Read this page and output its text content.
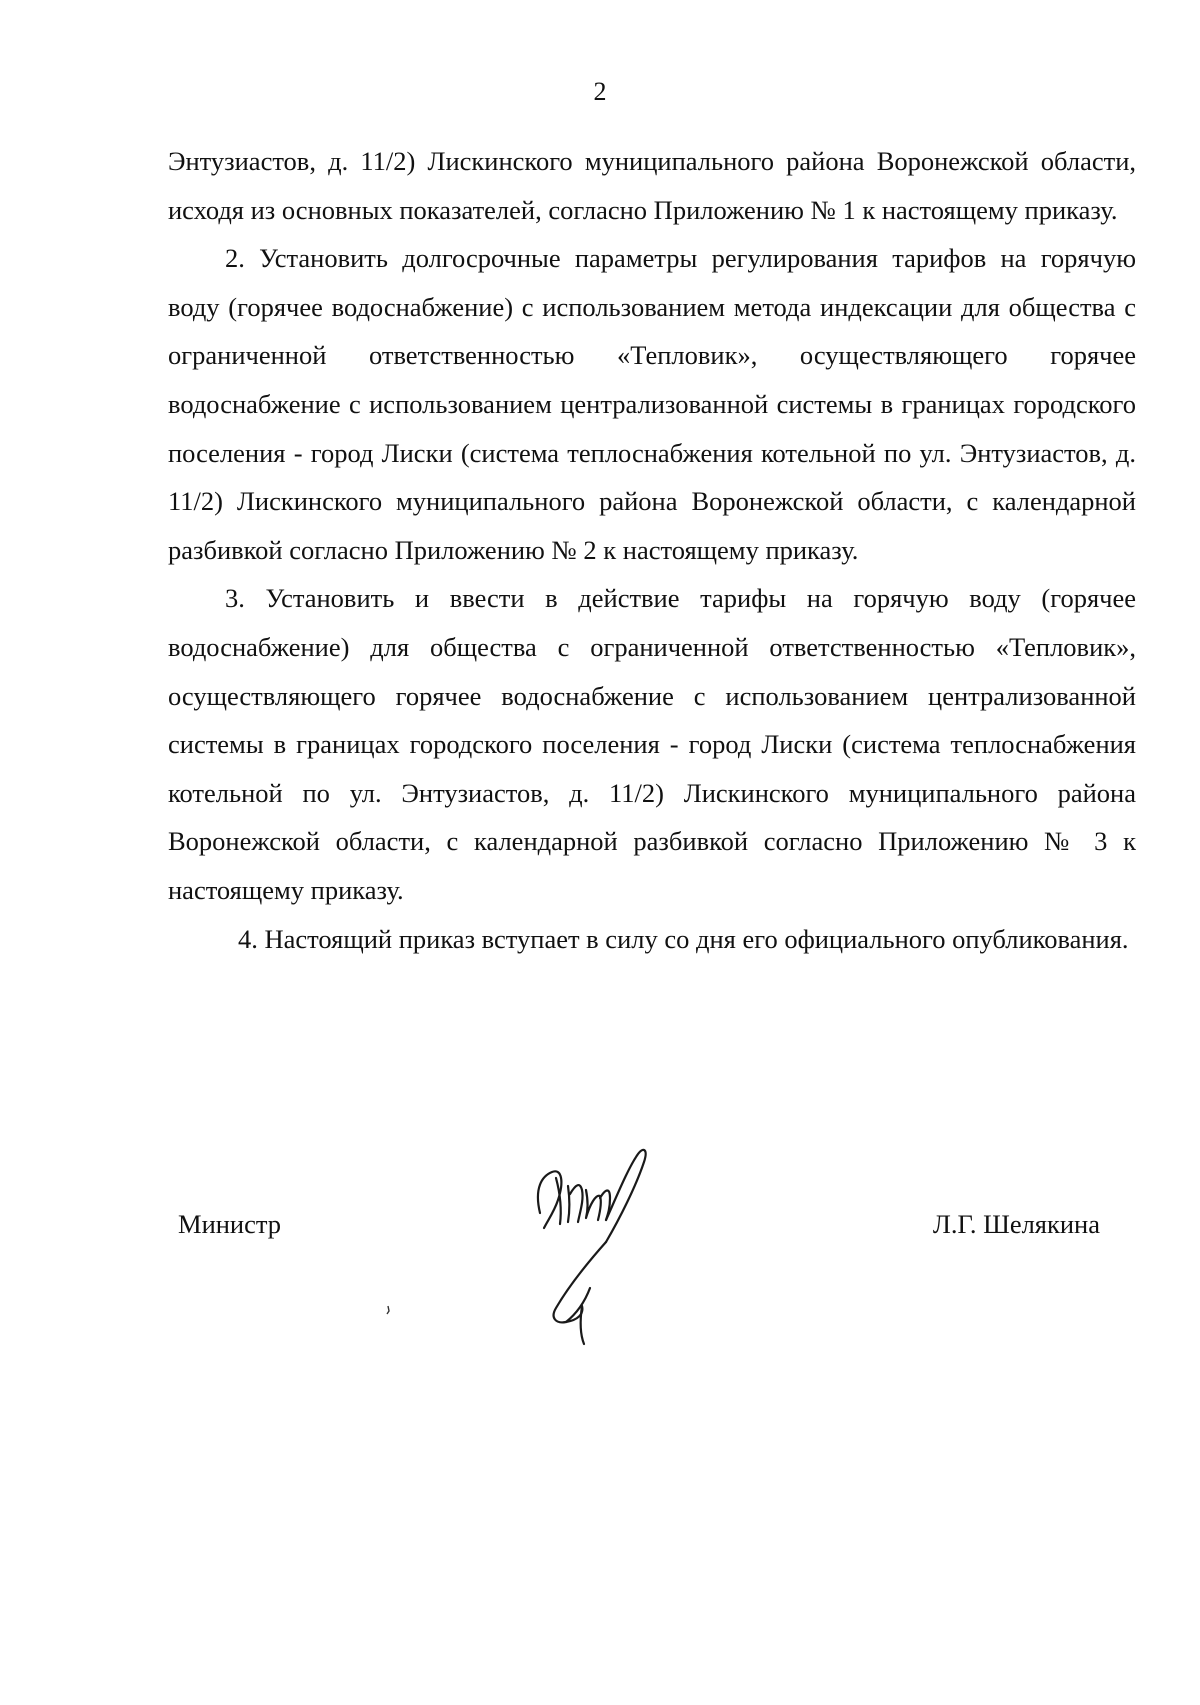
2

Энтузиастов, д. 11/2) Лискинского муниципального района Воронежской области, исходя из основных показателей, согласно Приложению № 1 к настоящему приказу.

2. Установить долгосрочные параметры регулирования тарифов на горячую воду (горячее водоснабжение) с использованием метода индексации для общества с ограниченной ответственностью «Тепловик», осуществляющего горячее водоснабжение с использованием централизованной системы в границах городского поселения - город Лиски (система теплоснабжения котельной по ул. Энтузиастов, д. 11/2) Лискинского муниципального района Воронежской области, с календарной разбивкой согласно Приложению № 2 к настоящему приказу.

3. Установить и ввести в действие тарифы на горячую воду (горячее водоснабжение) для общества с ограниченной ответственностью «Тепловик», осуществляющего горячее водоснабжение с использованием централизованной системы в границах городского поселения - город Лиски (система теплоснабжения котельной по ул. Энтузиастов, д. 11/2) Лискинского муниципального района Воронежской области, с календарной разбивкой согласно Приложению № 3 к настоящему приказу.

4. Настоящий приказ вступает в силу со дня его официального опубликования.

Министр	Л.Г. Шелякина
